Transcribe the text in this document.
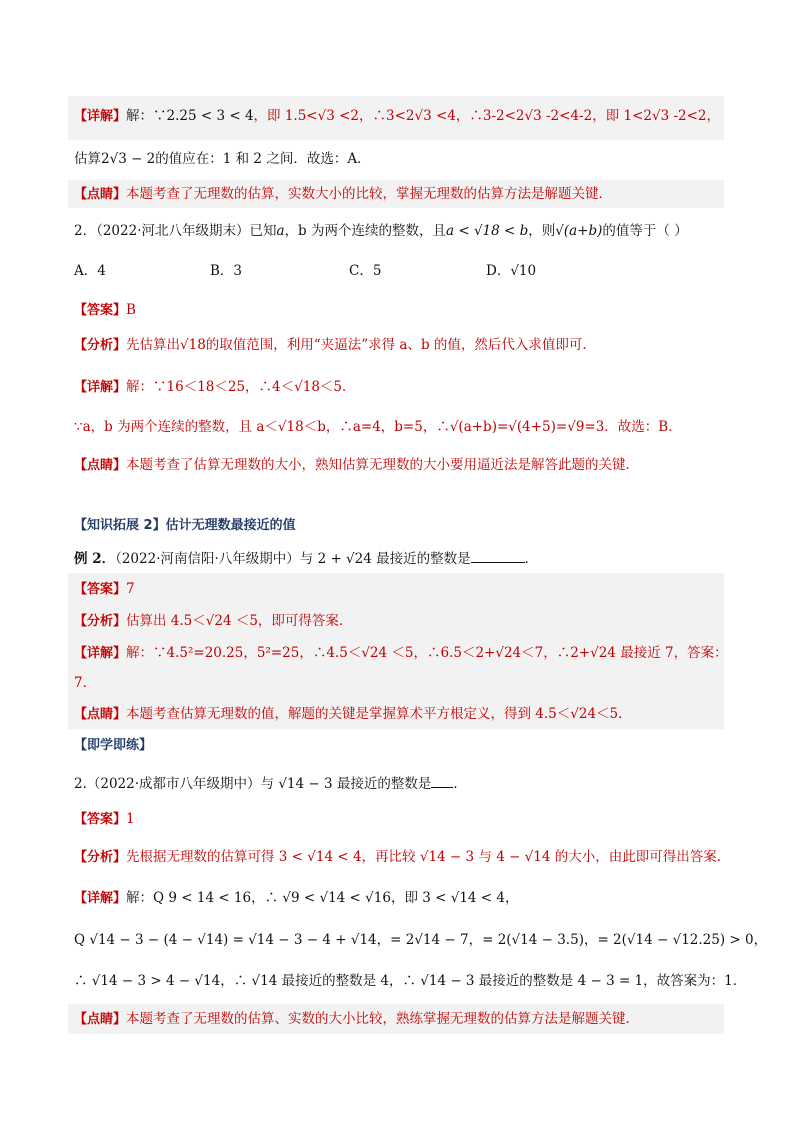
【详解】解：∵2.25 < 3 < 4，即 1.5<√3 <2，∴3<2√3 <4，∴3-2<2√3 -2<4-2，即 1<2√3 -2<2，
估算2√3 − 2的值应在：1 和 2 之间．故选：A．
【点睛】本题考查了无理数的估算，实数大小的比较，掌握无理数的估算方法是解题关键．
2．（2022·河北八年级期末）已知a，b 为两个连续的整数，且a < √18 < b，则√(a+b)的值等于（ ）
A．4	B．3	C．5	D．√10
【答案】B
【分析】先估算出√18的取值范围，利用“夹逼法”求得 a、b 的值，然后代入求值即可．
【详解】解：∵16＜18＜25，∴4＜√18＜5．
∵a，b 为两个连续的整数，且 a＜√18＜b，∴a=4，b=5，∴√(a+b)=√(4+5)=√9=3．故选：B．
【点睛】本题考查了估算无理数的大小，熟知估算无理数的大小要用逼近法是解答此题的关键．
【知识拓展 2】估计无理数最接近的值
例 2．（2022·河南信阳·八年级期中）与 2 + √24 最接近的整数是	．
【答案】7
【分析】估算出 4.5＜√24 ＜5，即可得答案．
【详解】解：∵4.5²=20.25，5²=25，∴4.5＜√24 ＜5，∴6.5＜2+√24＜7，∴2+√24 最接近 7，答案：
7．
【点睛】本题考查估算无理数的值，解题的关键是掌握算术平方根定义，得到 4.5＜√24＜5．
【即学即练】
2.（2022·成都市八年级期中）与 √14 − 3 最接近的整数是 ．
【答案】1
【分析】先根据无理数的估算可得 3 < √14 < 4，再比较 √14 − 3 与 4 − √14 的大小，由此即可得出答案．
【详解】解：Q 9 < 14 < 16，∴ √9 < √14 < √16，即 3 < √14 < 4，
Q √14 − 3 − (4 − √14) = √14 − 3 − 4 + √14，= 2√14 − 7，= 2(√14 − 3.5)，= 2(√14 − √12.25) > 0，
∴ √14 − 3 > 4 − √14，∴ √14 最接近的整数是 4，∴ √14 − 3 最接近的整数是 4 − 3 = 1，故答案为：1．
【点睛】本题考查了无理数的估算、实数的大小比较，熟练掌握无理数的估算方法是解题关键．
